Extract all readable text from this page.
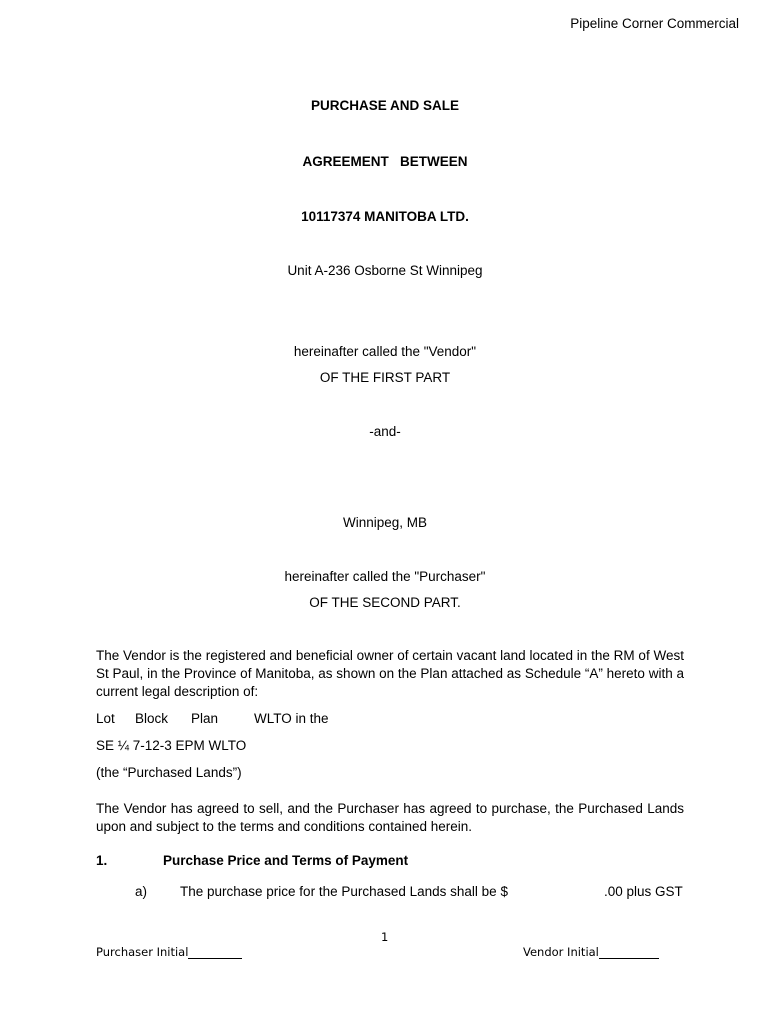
Pipeline Corner Commercial
PURCHASE AND SALE
AGREEMENT   BETWEEN
10117374 MANITOBA LTD.
Unit A-236 Osborne St Winnipeg
hereinafter called the "Vendor"
OF THE FIRST PART
-and-
Winnipeg, MB
hereinafter called the "Purchaser"
OF THE SECOND PART.
The Vendor is the registered and beneficial owner of certain vacant land located in the RM of West St Paul, in the Province of Manitoba, as shown on the Plan attached as Schedule “A” hereto with a current legal description of:
Lot Block Plan	WLTO in the
SE ¼ 7-12-3 EPM WLTO
(the “Purchased Lands”)
The Vendor has agreed to sell, and the Purchaser has agreed to purchase, the Purchased Lands upon and subject to the terms and conditions contained herein.
1.	Purchase Price and Terms of Payment
a) The purchase price for the Purchased Lands shall be $	.00 plus GST
1
Purchaser Initial	Vendor Initial
